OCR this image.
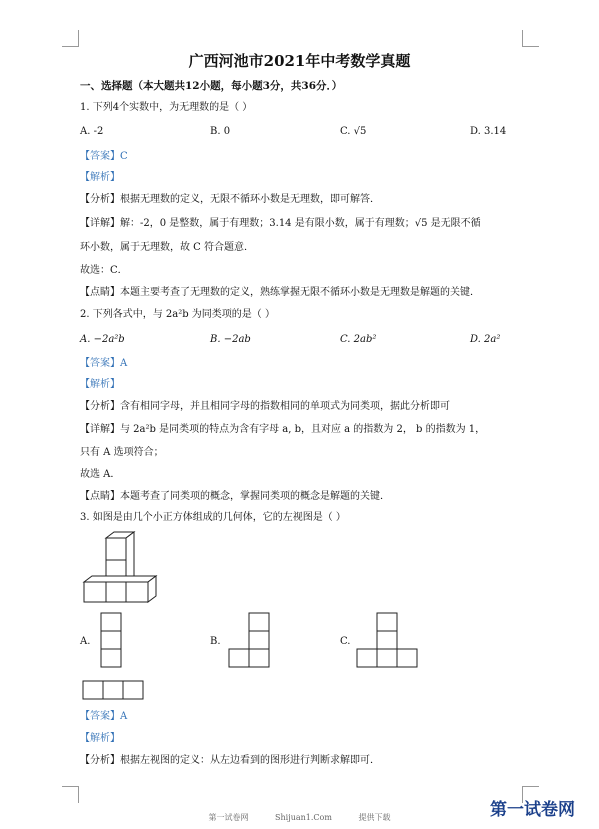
广西河池市2021年中考数学真题
一、选择题（本大题共12小题，每小题3分，共36分．）
1. 下列4个实数中，为无理数的是（ ）
A. -2	B. 0	C. √5	D. 3.14
【答案】C
【解析】
【分析】根据无理数的定义，无限不循环小数是无理数，即可解答．
【详解】解：-2，0 是整数，属于有理数；3.14 是有限小数，属于有理数；√5 是无限不循
环小数，属于无理数，故 C 符合题意．
故选：C．
【点睛】本题主要考查了无理数的定义，熟练掌握无限不循环小数是无理数是解题的关键．
2. 下列各式中，与 2a²b 为同类项的是（ ）
A. −2a²b	B. −2ab	C. 2ab²	D. 2a²
【答案】A
【解析】
【分析】含有相同字母，并且相同字母的指数相同的单项式为同类项，据此分析即可
【详解】与 2a²b 是同类项的特点为含有字母 a, b，且对应 a 的指数为 2， b 的指数为 1，
只有 A 选项符合；
故选 A．
【点睛】本题考查了同类项的概念，掌握同类项的概念是解题的关键．
3. 如图是由几个小正方体组成的几何体，它的左视图是（ ）
A.	B.	C.
【答案】A
【解析】
【分析】根据左视图的定义：从左边看到的图形进行判断求解即可．
第一试卷网	Shijuan1.Com	提供下载	第一试卷网
